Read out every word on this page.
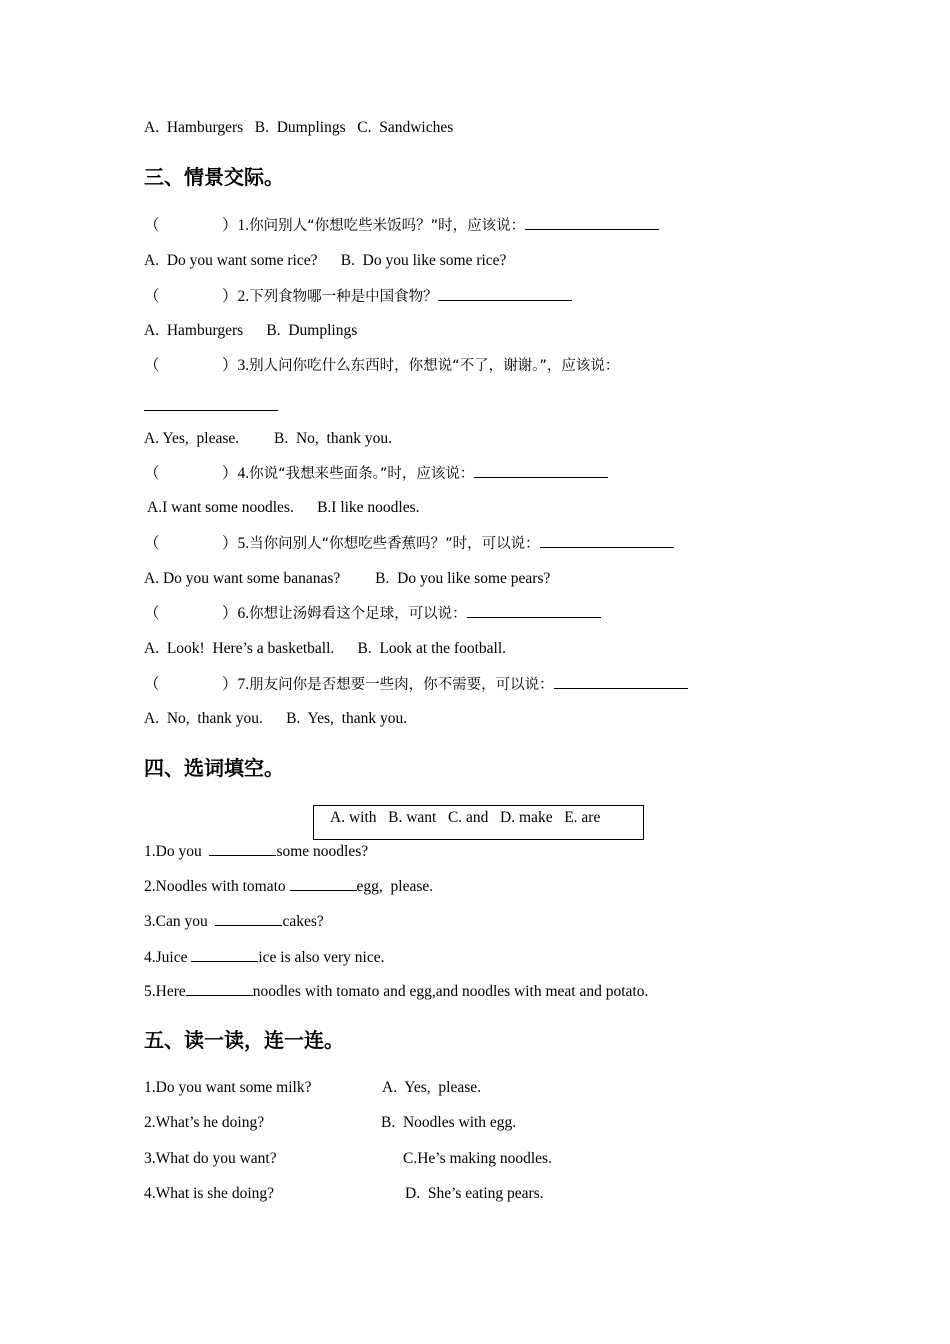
A.  Hamburgers   B.  Dumplings   C.  Sandwiches
三、情景交际。
（	）1.你问别人“你想吃些米饭吗？”时，应该说：
A.  Do you want some rice?      B.  Do you like some rice?
（	）2.下列食物哪一种是中国食物？
A.  Hamburgers      B.  Dumplings
（	）3.别人问你吃什么东西时，你想说“不了，谢谢。”，应该说：
A. Yes,  please.         B.  No,  thank you.
（	）4.你说“我想来些面条。”时，应该说：
A.I want some noodles.      B.I like noodles.
（	）5.当你问别人“你想吃些香蕉吗？”时，可以说：
A. Do you want some bananas?         B.  Do you like some pears?
（	）6.你想让汤姆看这个足球，可以说：
A.  Look!  Here’s a basketball.      B.  Look at the football.
（	）7.朋友问你是否想要一些肉，你不需要，可以说：
A.  No,  thank you.      B.  Yes,  thank you.
四、选词填空。
A. with   B. want   C. and   D. make   E. are
1.Do you	some noodles?
2.Noodles with tomato	egg,  please.
3.Can you	cakes?
4.Juice	ice is also very nice.
5.Here	noodles with tomato and egg,and noodles with meat and potato.
五、读一读，连一连。
1.Do you want some milk?	A.  Yes,  please.
2.What’s he doing?	B.  Noodles with egg.
3.What do you want?	C.He’s making noodles.
4.What is she doing?	D.  She’s eating pears.
